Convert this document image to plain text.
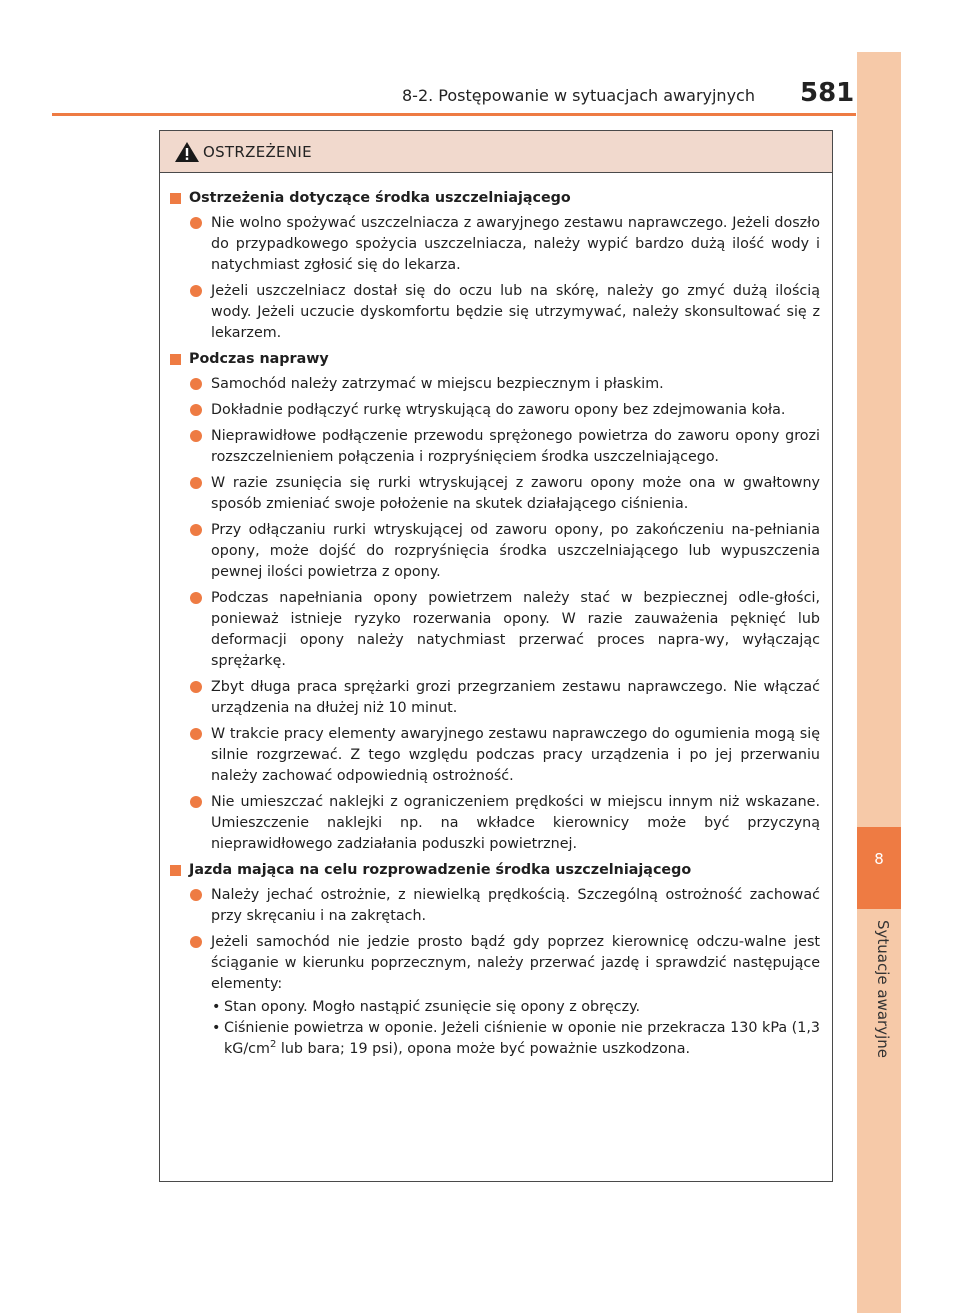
8
Sytuacje awaryjne
8-2. Postępowanie w sytuacjach awaryjnych 581
OSTRZEŻENIE
Ostrzeżenia dotyczące środka uszczelniającego
Nie wolno spożywać uszczelniacza z awaryjnego zestawu naprawczego. Jeżeli doszło do przypadkowego spożycia uszczelniacza, należy wypić bardzo dużą ilość wody i natychmiast zgłosić się do lekarza.
Jeżeli uszczelniacz dostał się do oczu lub na skórę, należy go zmyć dużą ilością wody. Jeżeli uczucie dyskomfortu będzie się utrzymywać, należy skonsultować się z lekarzem.
Podczas naprawy
Samochód należy zatrzymać w miejscu bezpiecznym i płaskim.
Dokładnie podłączyć rurkę wtryskującą do zaworu opony bez zdejmowania koła.
Nieprawidłowe podłączenie przewodu sprężonego powietrza do zaworu opony grozi rozszczelnieniem połączenia i rozpryśnięciem środka uszczelniającego.
W razie zsunięcia się rurki wtryskującej z zaworu opony może ona w gwałtowny sposób zmieniać swoje położenie na skutek działającego ciśnienia.
Przy odłączaniu rurki wtryskującej od zaworu opony, po zakończeniu na-pełniania opony, może dojść do rozpryśnięcia środka uszczelniającego lub wypuszczenia pewnej ilości powietrza z opony.
Podczas napełniania opony powietrzem należy stać w bezpiecznej odle-głości, ponieważ istnieje ryzyko rozerwania opony. W razie zauważenia pęknięć lub deformacji opony należy natychmiast przerwać proces napra-wy, wyłączając sprężarkę.
Zbyt długa praca sprężarki grozi przegrzaniem zestawu naprawczego. Nie włączać urządzenia na dłużej niż 10 minut.
W trakcie pracy elementy awaryjnego zestawu naprawczego do ogumienia mogą się silnie rozgrzewać. Z tego względu podczas pracy urządzenia i po jej przerwaniu należy zachować odpowiednią ostrożność.
Nie umieszczać naklejki z ograniczeniem prędkości w miejscu innym niż wskazane. Umieszczenie naklejki np. na wkładce kierownicy może być przyczyną nieprawidłowego zadziałania poduszki powietrznej.
Jazda mająca na celu rozprowadzenie środka uszczelniającego
Należy jechać ostrożnie, z niewielką prędkością. Szczególną ostrożność zachować przy skręcaniu i na zakrętach.
Jeżeli samochód nie jedzie prosto bądź gdy poprzez kierownicę odczu-walne jest ściąganie w kierunku poprzecznym, należy przerwać jazdę i sprawdzić następujące elementy:
• Stan opony. Mogło nastąpić zsunięcie się opony z obręczy.
• Ciśnienie powietrza w oponie. Jeżeli ciśnienie w oponie nie przekracza 130 kPa (1,3 $kG/cm^2$ lub bara; 19 psi), opona może być poważnie uszkodzona.
